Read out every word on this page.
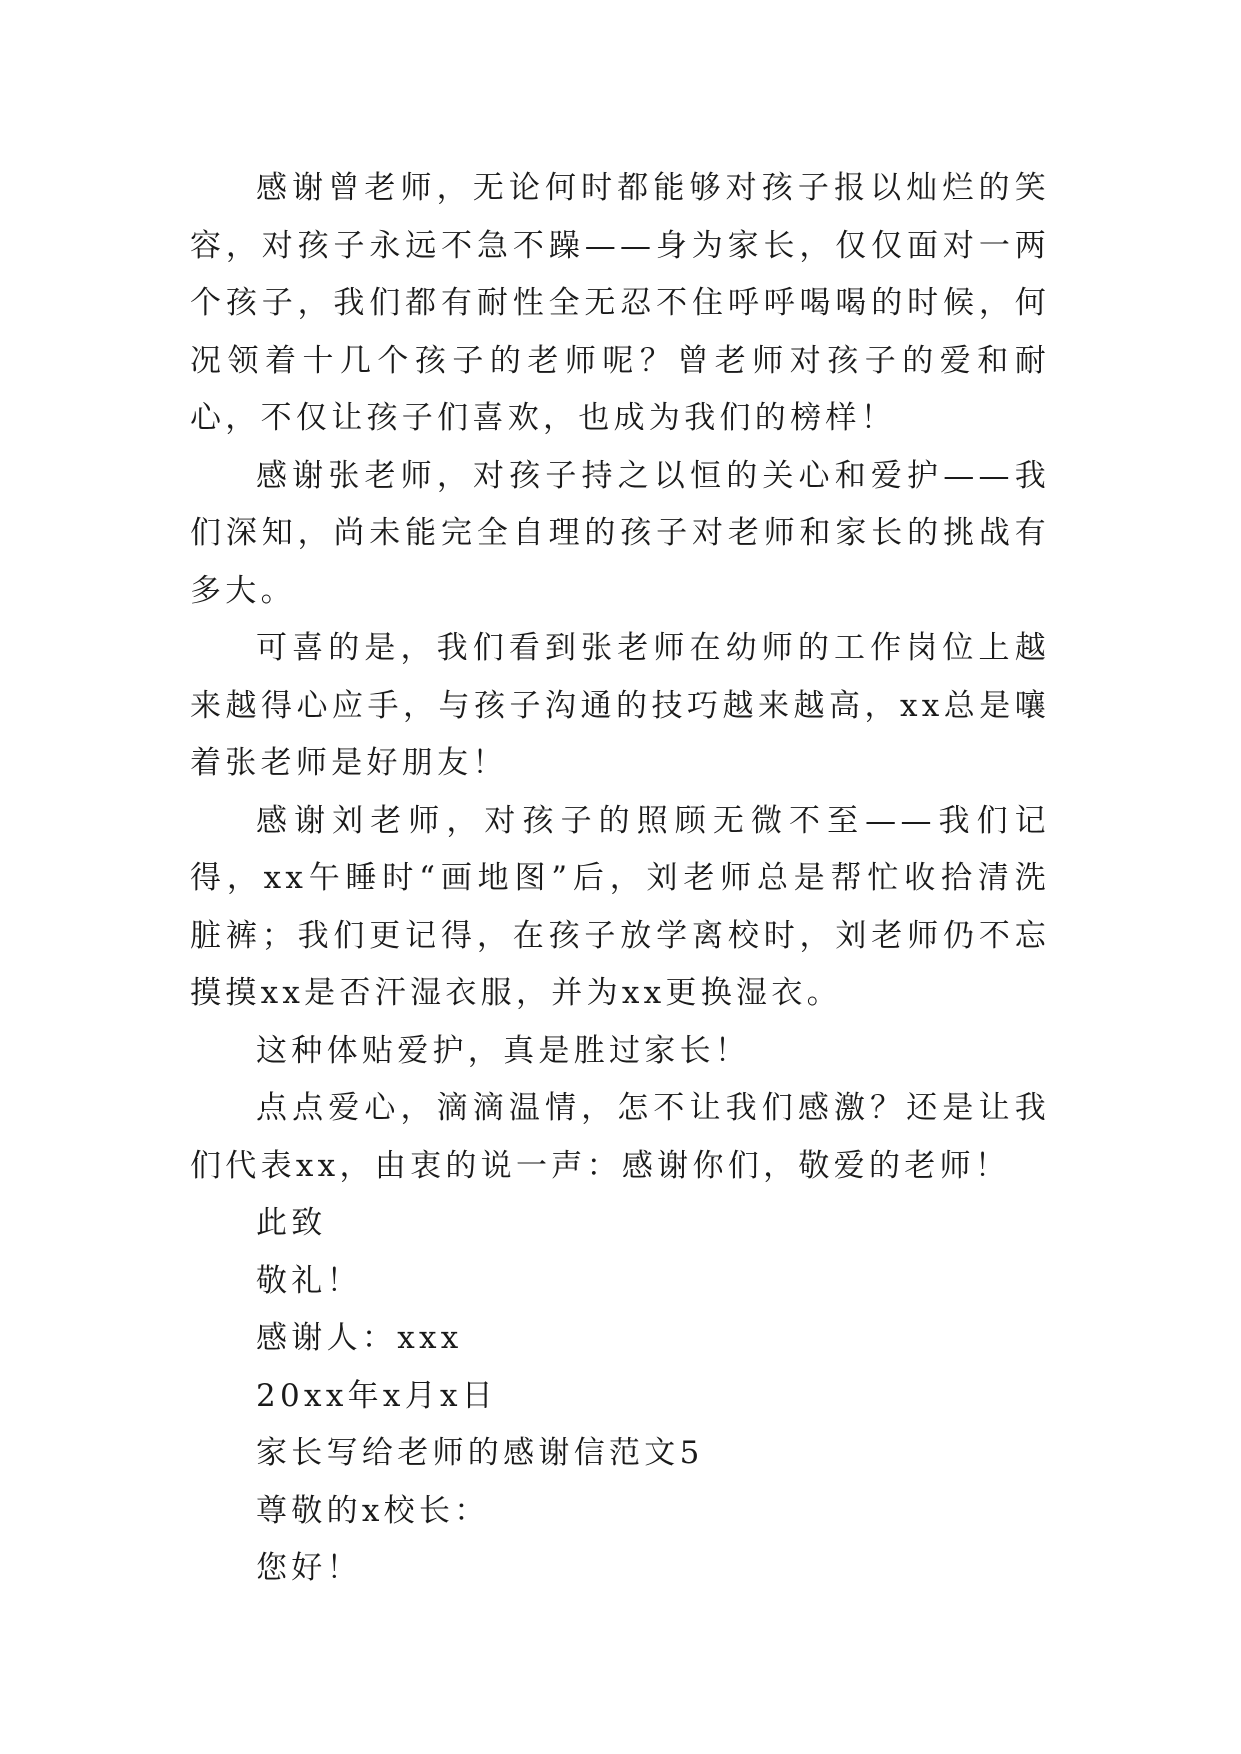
感谢曾老师，无论何时都能够对孩子报以灿烂的笑容，对孩子永远不急不躁——身为家长，仅仅面对一两个孩子，我们都有耐性全无忍不住呼呼喝喝的时候，何况领着十几个孩子的老师呢？曾老师对孩子的爱和耐心，不仅让孩子们喜欢，也成为我们的榜样！

感谢张老师，对孩子持之以恒的关心和爱护——我们深知，尚未能完全自理的孩子对老师和家长的挑战有多大。

可喜的是，我们看到张老师在幼师的工作岗位上越来越得心应手，与孩子沟通的技巧越来越高，xx总是嚷着张老师是好朋友！

感谢刘老师，对孩子的照顾无微不至——我们记得，xx午睡时“画地图”后，刘老师总是帮忙收拾清洗脏裤；我们更记得，在孩子放学离校时，刘老师仍不忘摸摸xx是否汗湿衣服，并为xx更换湿衣。

这种体贴爱护，真是胜过家长！

点点爱心，滴滴温情，怎不让我们感激？还是让我们代表xx，由衷的说一声：感谢你们，敬爱的老师！

此致

敬礼！

感谢人：xxx

20xx年x月x日

家长写给老师的感谢信范文5

尊敬的x校长：

您好！
